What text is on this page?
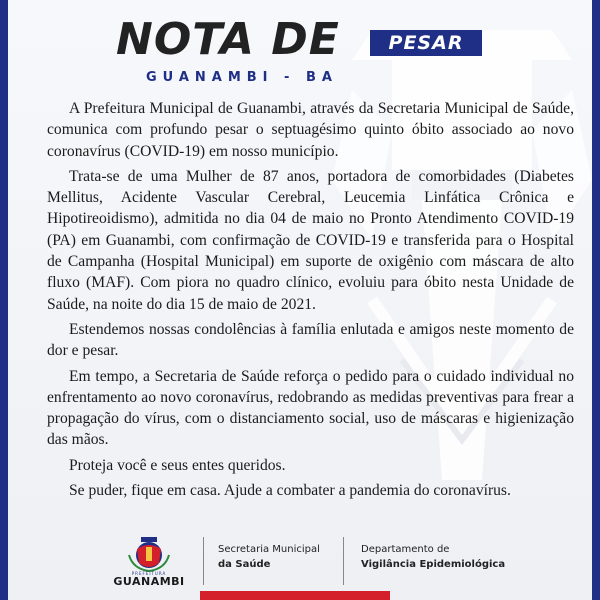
NOTA DE	PESAR
GUANAMBI - BA

A Prefeitura Municipal de Guanambi, através da Secretaria Municipal de Saúde, comunica com profundo pesar o septuagésimo quinto óbito associado ao novo coronavírus (COVID-19) em nosso município.

Trata-se de uma Mulher de 87 anos, portadora de comorbidades (Diabetes Mellitus, Acidente Vascular Cerebral, Leucemia Linfática Crônica e Hipotireoidismo), admitida no dia 04 de maio no Pronto Atendimento COVID-19 (PA) em Guanambi, com confirmação de COVID-19 e transferida para o Hospital de Campanha (Hospital Municipal) em suporte de oxigênio com máscara de alto fluxo (MAF). Com piora no quadro clínico, evoluiu para óbito nesta Unidade de Saúde, na noite do dia 15 de maio de 2021.

Estendemos nossas condolências à família enlutada e amigos neste momento de dor e pesar.

Em tempo, a Secretaria de Saúde reforça o pedido para o cuidado individual no enfrentamento ao novo coronavírus, redobrando as medidas preventivas para frear a propagação do vírus, com o distanciamento social, uso de máscaras e higienização das mãos.

Proteja você e seus entes queridos.

Se puder, fique em casa. Ajude a combater a pandemia do coronavírus.

PREFEITURA
GUANAMBI
Secretaria Municipal
da Saúde
Departamento de
Vigilância Epidemiológica
